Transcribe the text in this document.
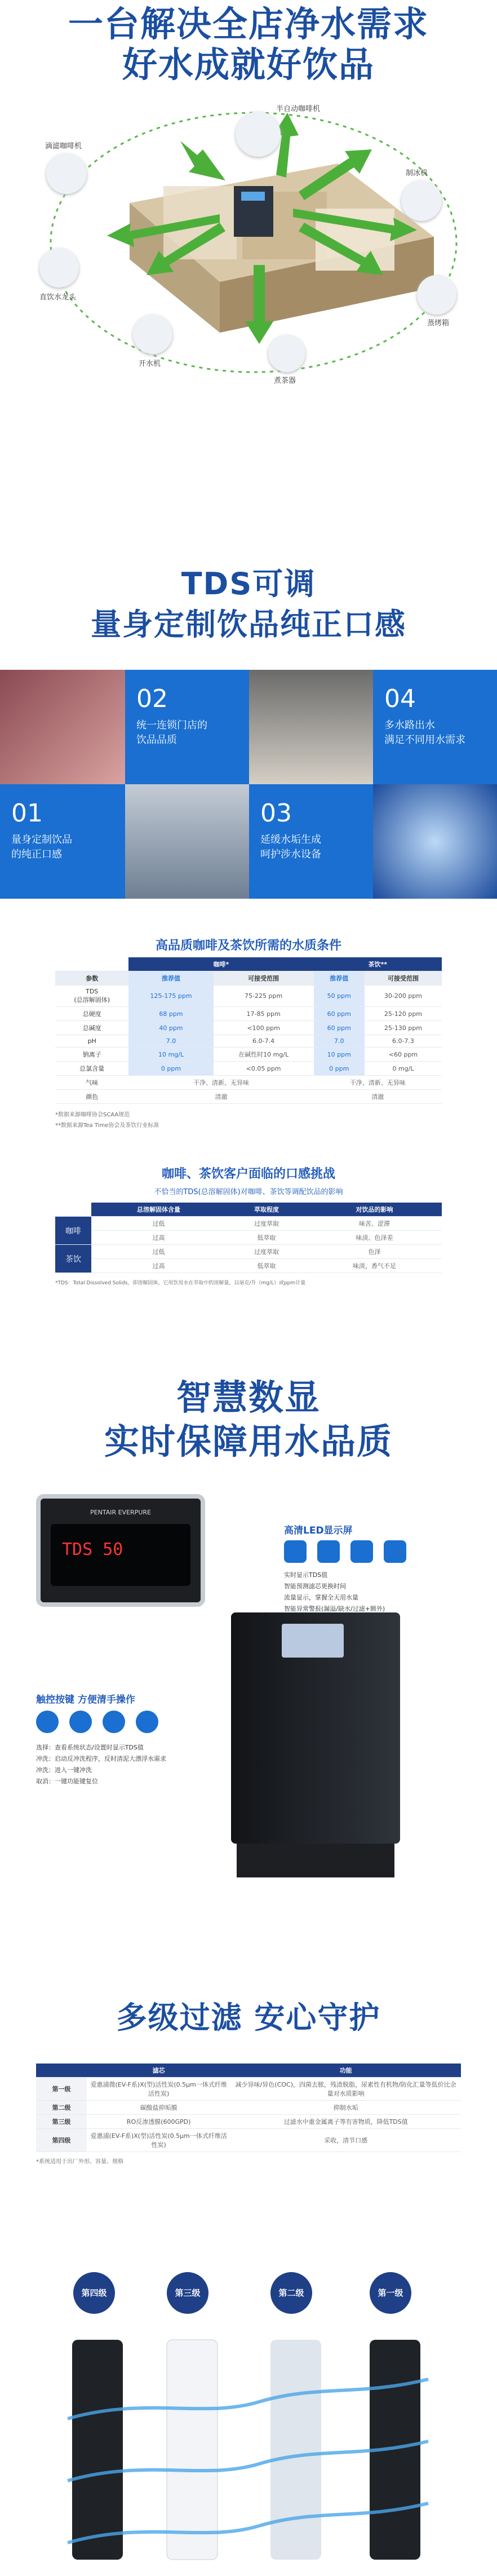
一台解决全店净水需求
好水成就好饮品
半自动咖啡机
滴滤咖啡机
制冰机
直饮水龙头
蒸烤箱
开水机
煮茶器
TDS可调
量身定制饮品纯正口感
02
统一连锁门店的
饮品品质
04
多水路出水
满足不同用水需求
01
量身定制饮品
的纯正口感
03
延缓水垢生成
呵护涉水设备
高品质咖啡及茶饮所需的水质条件
	咖啡*		茶饮**	
参数	推荐值	可接受范围	推荐值	可接受范围
TDS
(总溶解固体)	125-175 ppm	75-225 ppm	50 ppm	30-200 ppm
总硬度	68 ppm	17-85 ppm	60 ppm	25-120 ppm
总碱度	40 ppm	<100 ppm	60 ppm	25-130 ppm
pH	7.0	6.0-7.4	7.0	6.0-7.3
钠离子	10 mg/L	在碱性时10 mg/L	10 ppm	<60 ppm
总氯含量	0 ppm	<0.05 ppm	0 ppm	0 mg/L
气味	干净、清新、无异味		干净、清新、无异味	
颜色	清澈		清澈	
*数据来源咖啡协会SCAA规范
**数据来源Tea Time协会及茶饮行业标准
咖啡、茶饮客户面临的口感挑战
不恰当的TDS(总溶解固体)对咖啡、茶饮等调配饮品的影响
	总溶解固体含量	萃取程度	对饮品的影响
咖啡	过低	过度萃取	味苦、涩滞
	过高	低萃取	味淡、色泽差
茶饮	过低	过度萃取	色泽
	过高	低萃取	味淡，香气不足
*TDS：Total Dissolved Solids，即溶解固体，它用饮用水在萃取中的溶解量，以毫克/升（mg/L）或ppm计量
智慧数显
实时保障用水品质
PENTAIR EVERPURE
TDS 50
高清LED显示屏

实时显示TDS值
智能预测滤芯更换时间
流量显示，掌握全天用水量
智能异常警报(漏溢/缺水/过滤+额外)
触控按键 方便清手操作

选择：查看系统状态/设置时显示TDS值
冲洗：启动反冲洗程序，反时清泥大漂浮水需求
冲洗：进入一键冲洗
取消：一键功能键复位
多级过滤 安心守护
	滤芯	功能
第一级	爱惠浦微(EV-F系)X(型)活性炭(0.5μm一体式纤维活性炭)	减少异味/异色(COC)，四菌去脓，残渣脱脂，尿素性有机物/防化汇量等低价比余量对水质影响
第二级	碳酸盐抑垢膜	抑制水垢
第三级	RO反渗透膜(600GPD)	过滤水中重金属离子等有害物质，降低TDS值
第四级	爱惠浦(EV-F系)X(型)活性炭(0.5μm一体式纤维活性炭)	采收，清节口感
*系统适用于出厂外形、容量、规格
第四级	第三级	第二级	第一级
